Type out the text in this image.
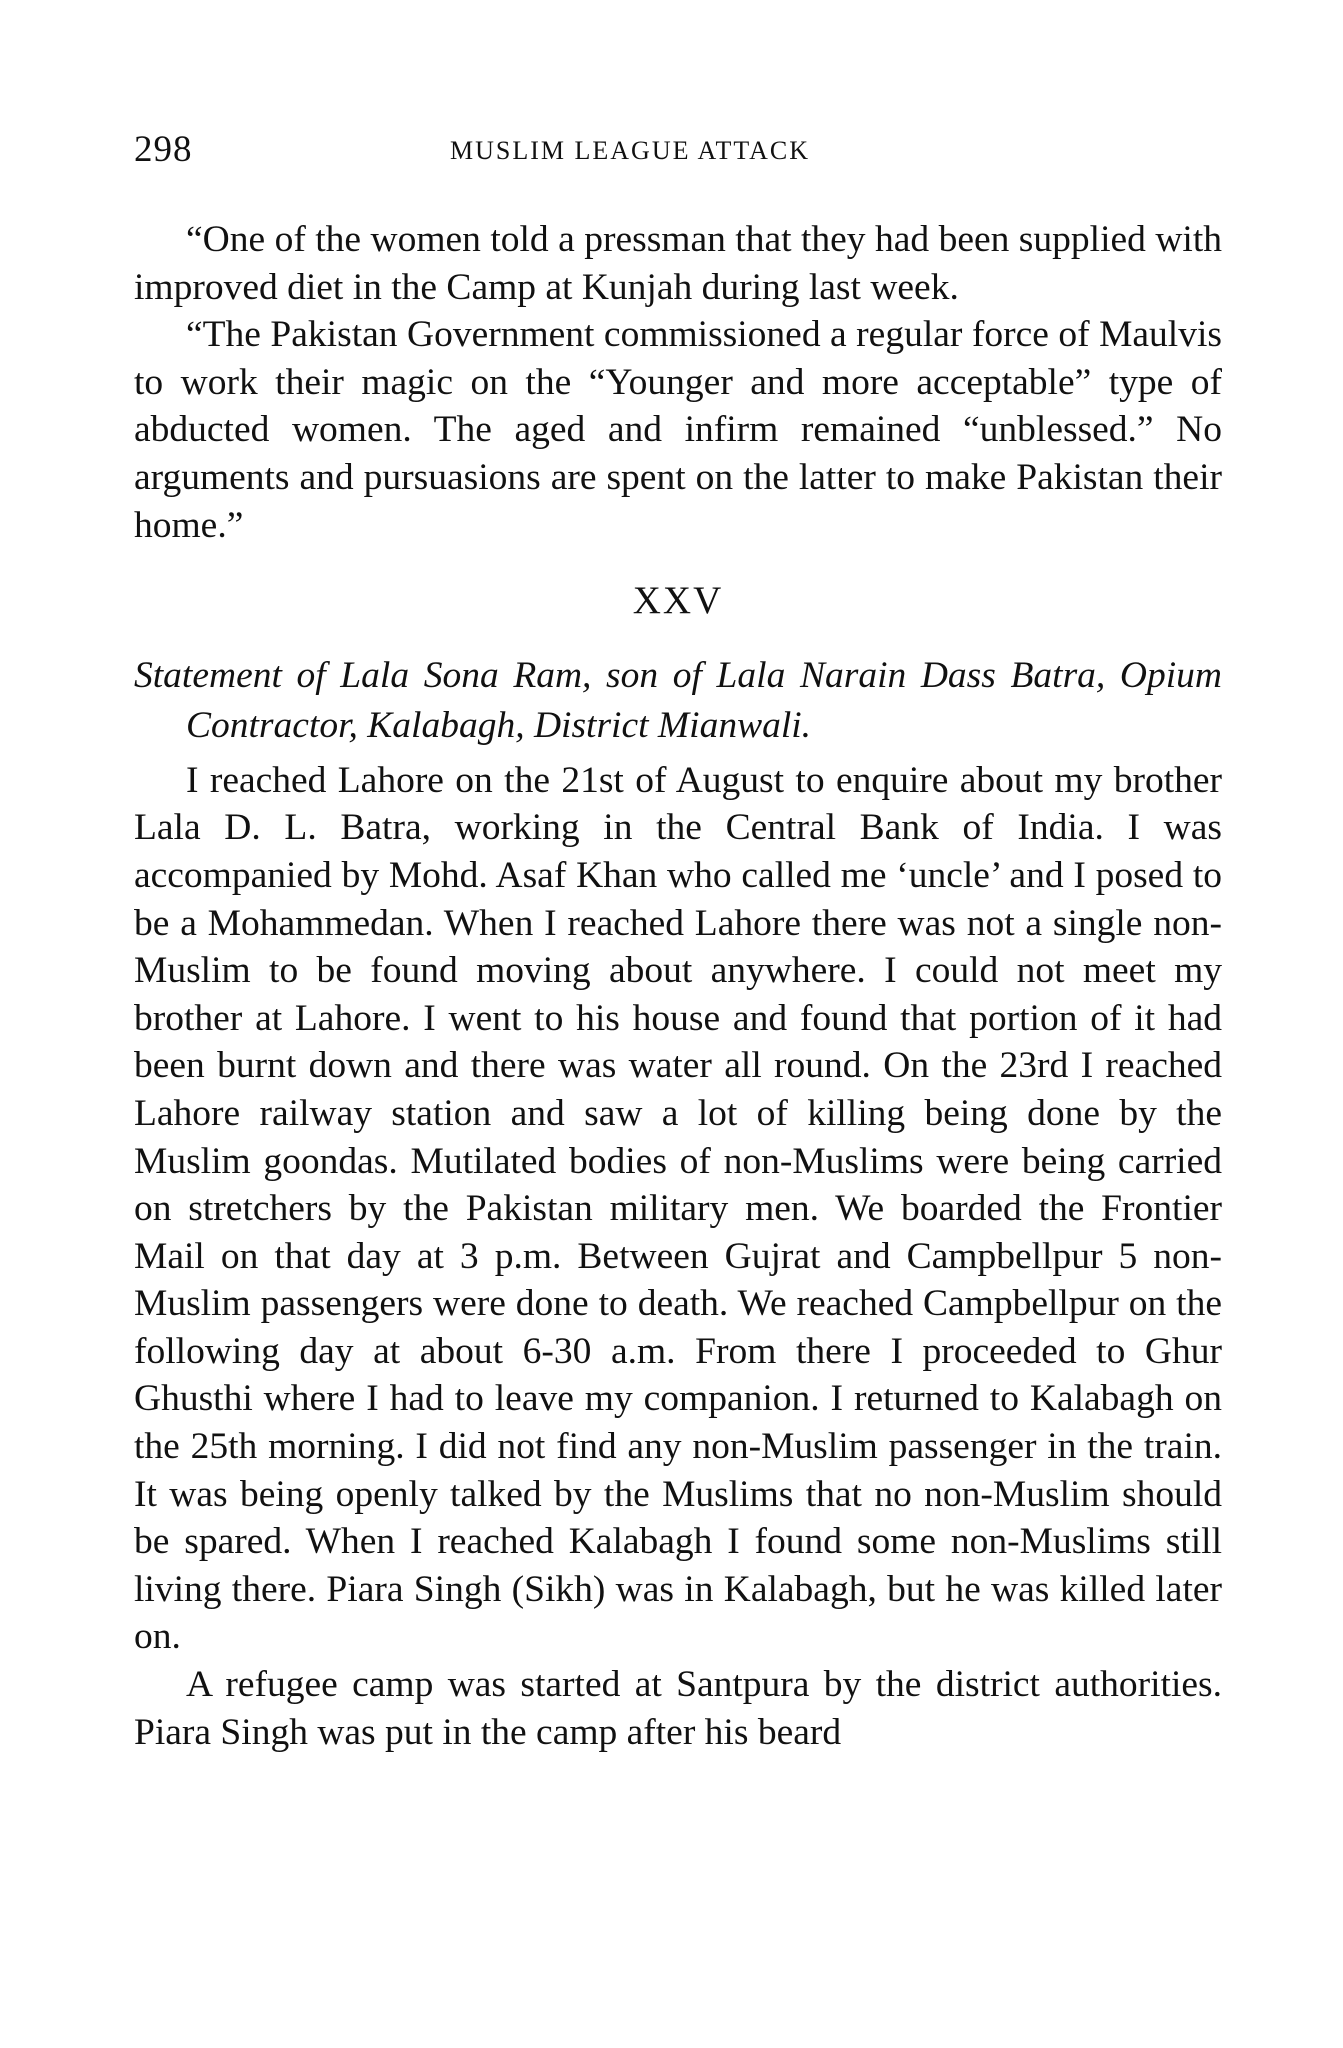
298	MUSLIM LEAGUE ATTACK

“One of the women told a pressman that they had been supplied with improved diet in the Camp at Kunjah during last week.

“The Pakistan Government commissioned a regular force of Maulvis to work their magic on the “Younger and more acceptable” type of abducted women. The aged and infirm remained “unblessed.” No arguments and pursuasions are spent on the latter to make Pakistan their home.”

XXV

Statement of Lala Sona Ram, son of Lala Narain Dass Batra, Opium Contractor, Kalabagh, District Mianwali.

I reached Lahore on the 21st of August to enquire about my brother Lala D. L. Batra, working in the Central Bank of India. I was accompanied by Mohd. Asaf Khan who called me ‘uncle’ and I posed to be a Mohammedan. When I reached Lahore there was not a single non-Muslim to be found moving about anywhere. I could not meet my brother at Lahore. I went to his house and found that portion of it had been burnt down and there was water all round. On the 23rd I reached Lahore railway station and saw a lot of killing being done by the Muslim goondas. Mutilated bodies of non-Muslims were being carried on stretchers by the Pakistan military men. We boarded the Frontier Mail on that day at 3 p.m. Between Gujrat and Campbellpur 5 non-Muslim passengers were done to death. We reached Campbellpur on the following day at about 6-30 a.m. From there I proceeded to Ghur Ghusthi where I had to leave my companion. I returned to Kalabagh on the 25th morning. I did not find any non-Muslim passenger in the train. It was being openly talked by the Muslims that no non-Muslim should be spared. When I reached Kalabagh I found some non-Muslims still living there. Piara Singh (Sikh) was in Kalabagh, but he was killed later on.

A refugee camp was started at Santpura by the district authorities. Piara Singh was put in the camp after his beard
